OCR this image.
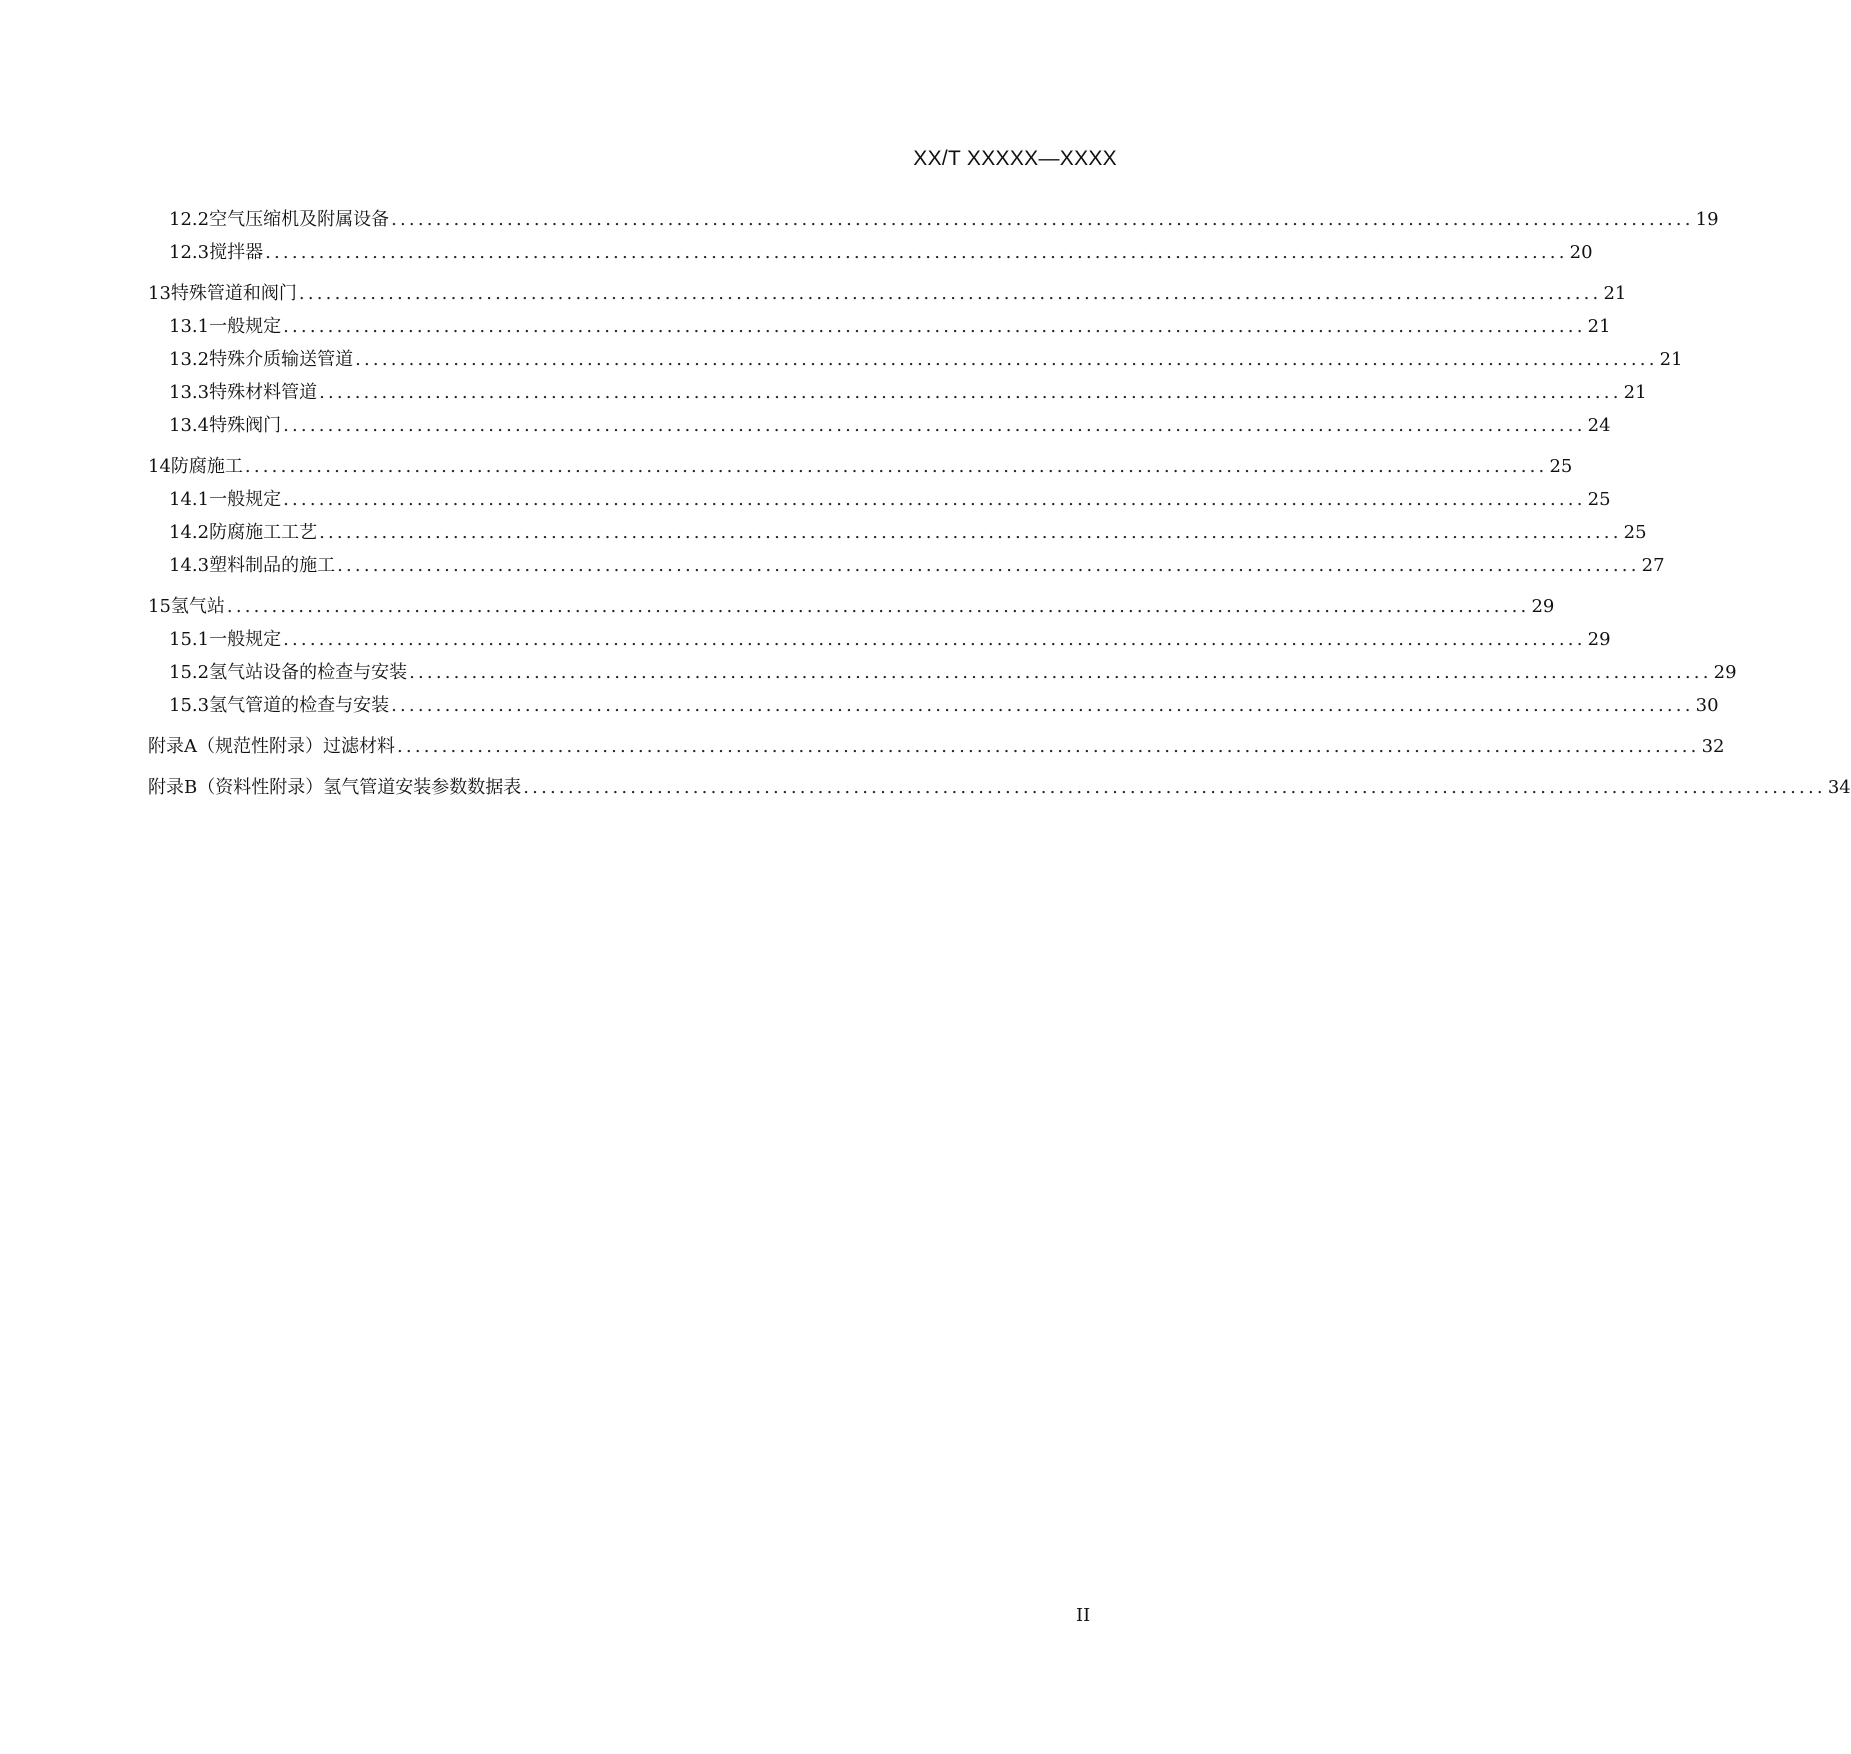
XX/T XXXXX—XXXX
12.2 空气压缩机及附属设备 .................................................................................................................................................. 19
12.3 搅拌器 .................................................................................................................................................. 20
13 特殊管道和阀门 .................................................................................................................................................. 21
13.1 一般规定 .................................................................................................................................................. 21
13.2 特殊介质输送管道 .................................................................................................................................................. 21
13.3 特殊材料管道 .................................................................................................................................................. 21
13.4 特殊阀门 .................................................................................................................................................. 24
14 防腐施工 .................................................................................................................................................. 25
14.1 一般规定 .................................................................................................................................................. 25
14.2 防腐施工工艺 .................................................................................................................................................. 25
14.3 塑料制品的施工 .................................................................................................................................................. 27
15 氢气站 .................................................................................................................................................. 29
15.1 一般规定 .................................................................................................................................................. 29
15.2 氢气站设备的检查与安装 .................................................................................................................................................. 29
15.3 氢气管道的检查与安装 .................................................................................................................................................. 30
附录A（规范性附录）过滤材料 .................................................................................................................................................. 32
附录B（资料性附录）氢气管道安装参数数据表 .................................................................................................................................................. 34
II
